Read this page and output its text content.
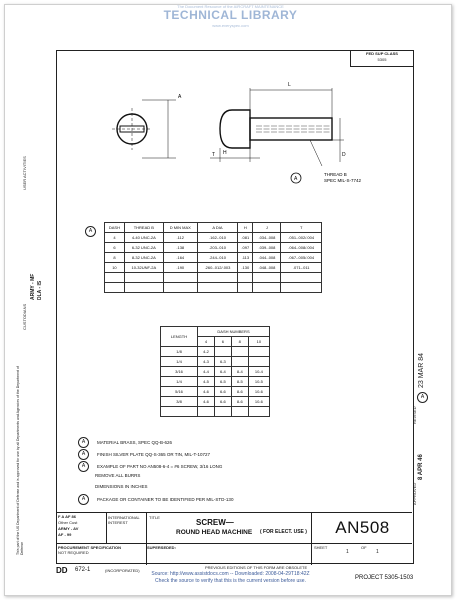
The Document Resource of the AIRCRAFT MAINTENANCE
TECHNICAL LIBRARY
www.everyspec.com
FED SUP CLASS
5305
A
L
D
T H
THREAD B
SPEC MIL-S-7742
A
A
DASH	THREAD B	D MIN MAX	A DIA	H	J	T
4	4-40 UNC-2A	.112	.162-.010	.081	.034-.008	.051-.002/.004
6	6-32 UNC-2A	.138	.203-.010	.097	.039-.008	.064-.008/.004
8	8-32 UNC-2A	.164	.244-.010	.113	.044-.008	.067-.005/.004
10	10-32UNF-2A	.190	.260-.012/.003	.130	.048-.008	.071-.011

LENGTH	DASH NUMBERS			
	4	6	8	10
1/8	4-2			
1/4	4-3	6-3		
3/16	4-4	6-4	8-4	10-4
1/4	4-5	6-5	8-5	10-5
5/16	4-6	6-6	8-6	10-6
3/8	4-6	6-6	8-6	10-6

A	MATERIAL BRASS, SPEC QQ-B-626
A	FINISH SILVER PLATE QQ-S-365 OR TIN, MIL-T-10727
A	EXAMPLE OF PART NO AN508-6-4 = #6 SCREW, 3/16 LONG
REMOVE ALL BURRS
DIMENSIONS IN INCHES
A	PACKAGE OR CONTAINER TO BE IDENTIFIED PER MIL-STD-130
USER ACTIVITIES
CUSTODIANS
ARMY - MF DLA - IS
This part of the US Department of Defense and is approved for use by all Departments and Agencies of the Department of Defense
REVISED
23 MAR 84
A
APPROVED
8 APR 46
F A AF 86
Other Cust
ARMY - AV
AF - 99
INTERNATIONAL INTEREST
TITLE
SCREW—
ROUND HEAD MACHINE ( FOR ELECT. USE )	AN508
PROCUREMENT SPECIFICATION
NOT REQUIRED
SUPERSEDED:	SHEET
1
OF
1
DD 672-1	(INCORPORATED)
PREVIOUS EDITIONS OF THIS FORM ARE OBSOLETE
PROJECT 5305-1503
Source: http://www.assistdocs.com -- Downloaded: 2008-04-29T18:42Z
Check the source to verify that this is the current version before use.
